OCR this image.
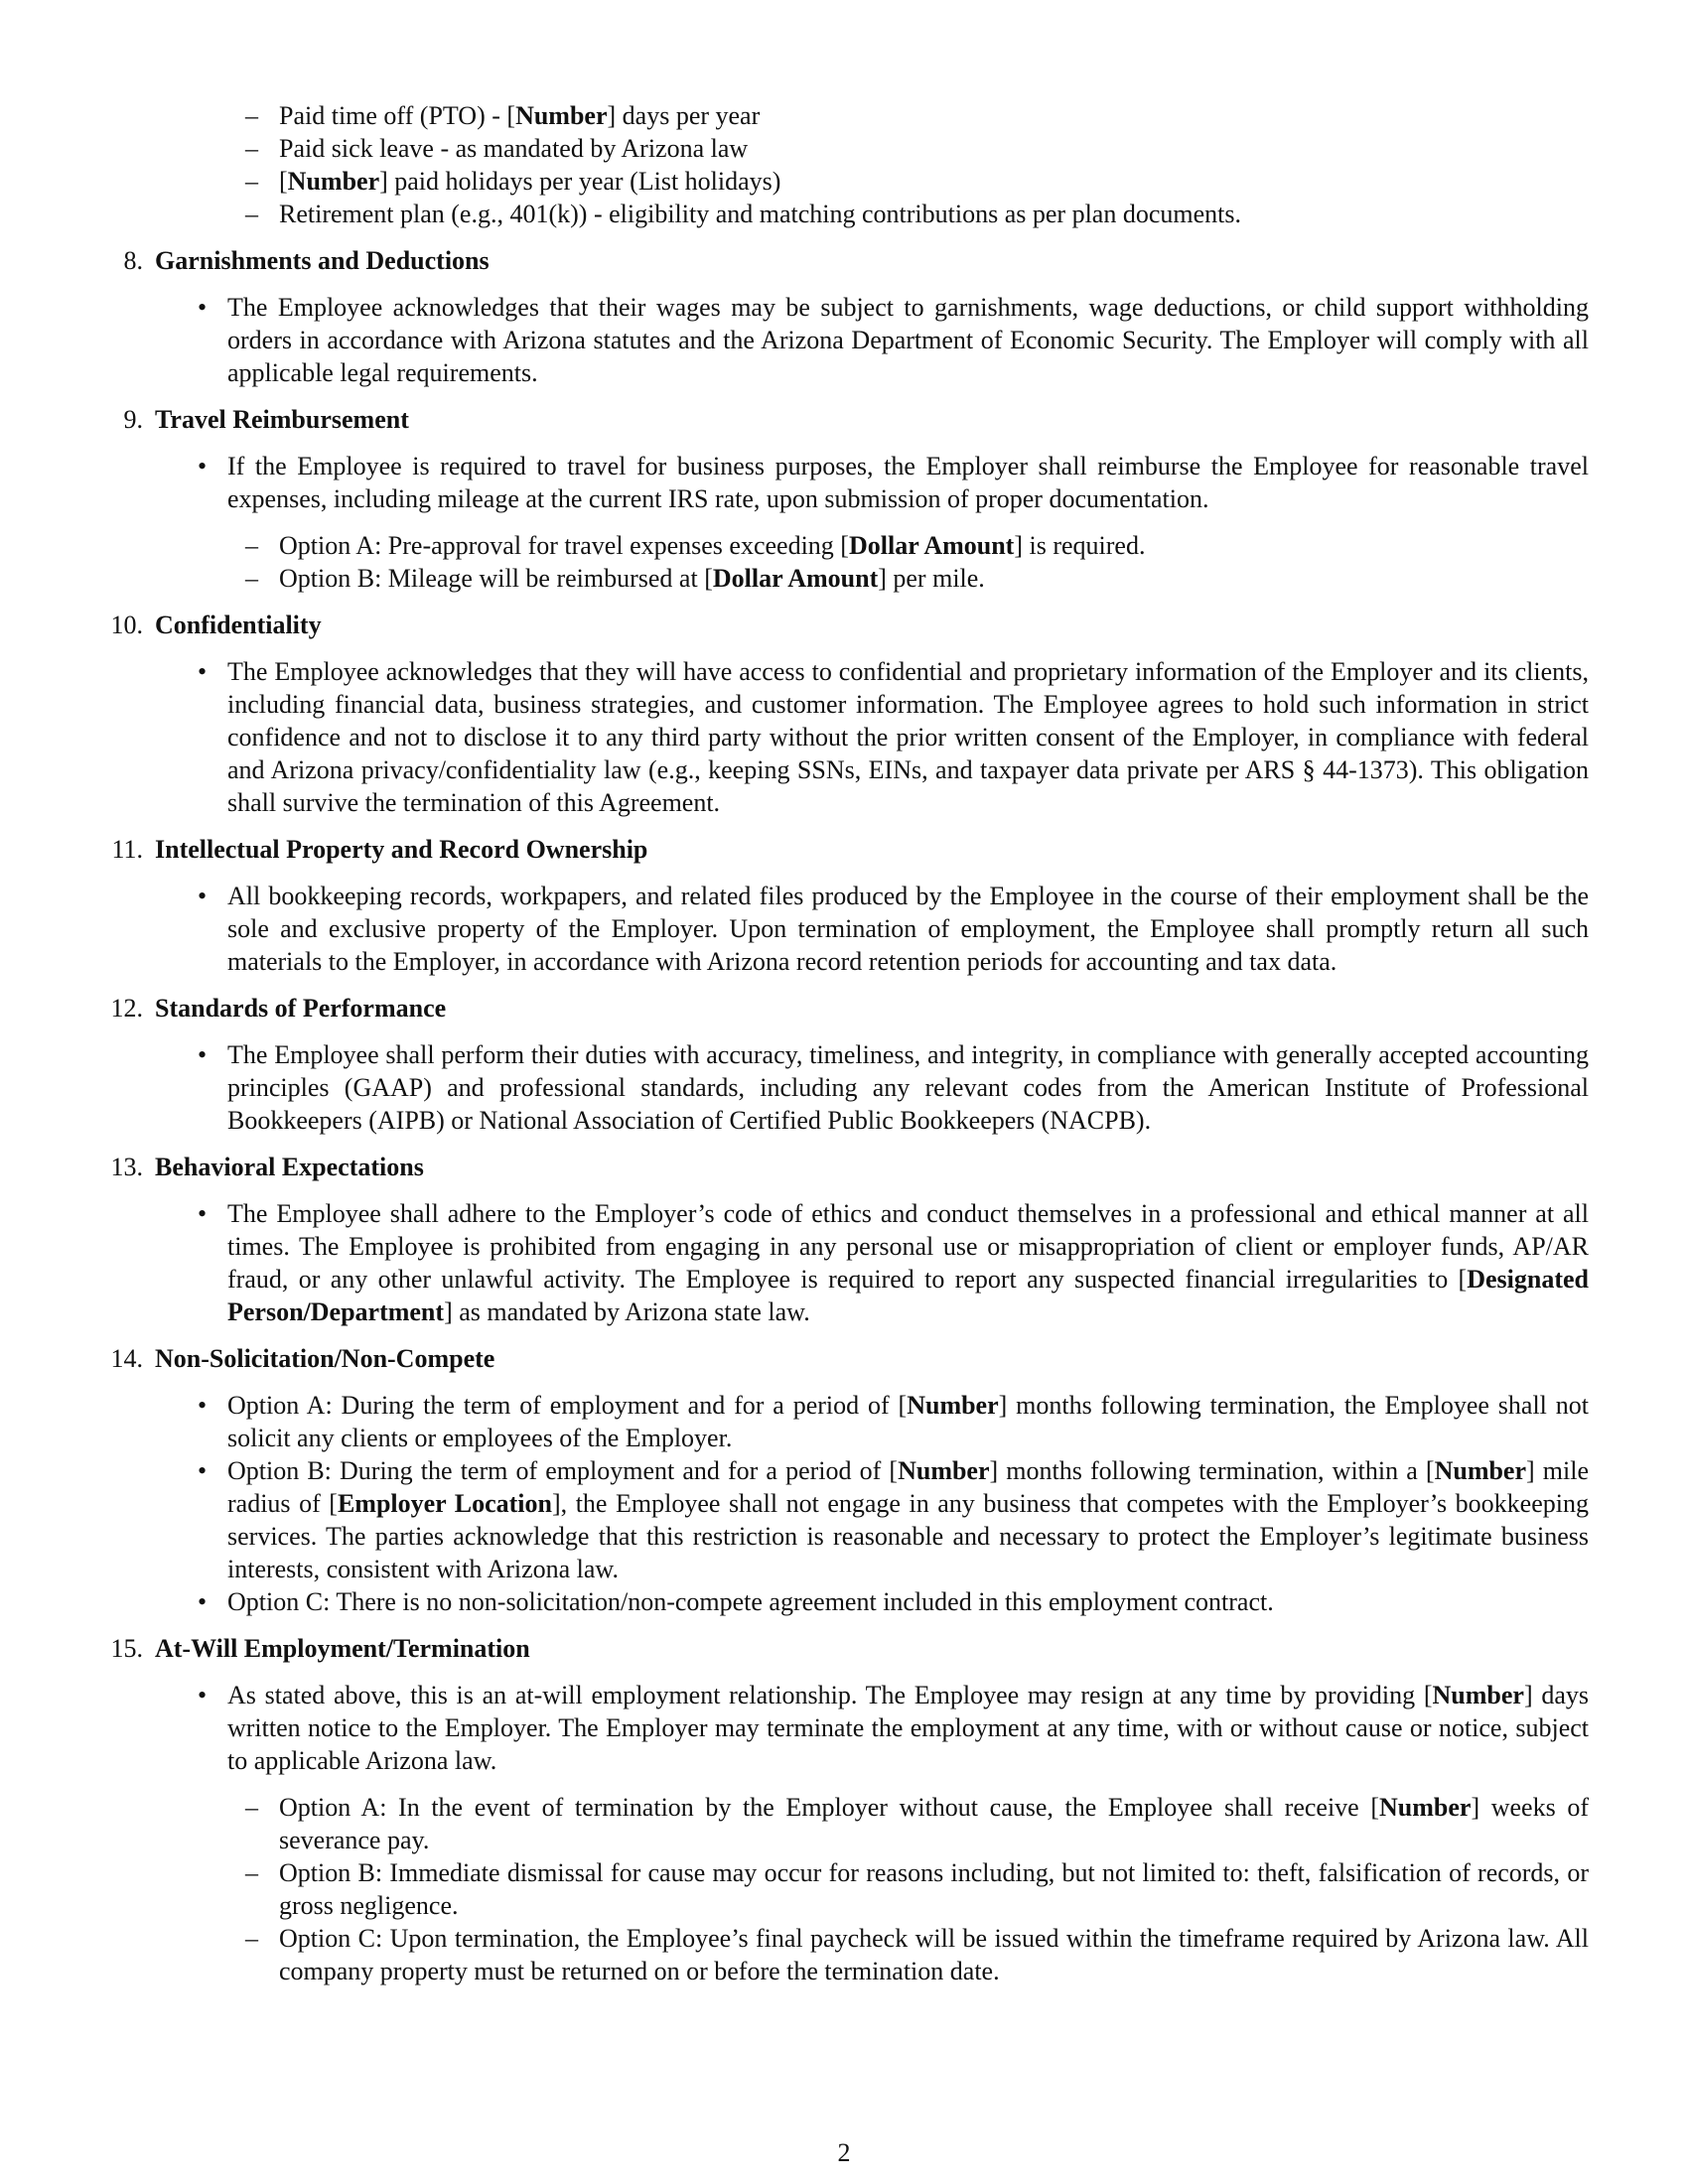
– Paid time off (PTO) - [Number] days per year
– Paid sick leave - as mandated by Arizona law
– [Number] paid holidays per year (List holidays)
– Retirement plan (e.g., 401(k)) - eligibility and matching contributions as per plan documents.
8. Garnishments and Deductions
• The Employee acknowledges that their wages may be subject to garnishments, wage deductions, or child support withholding orders in accordance with Arizona statutes and the Arizona Department of Economic Security. The Employer will comply with all applicable legal requirements.
9. Travel Reimbursement
• If the Employee is required to travel for business purposes, the Employer shall reimburse the Employee for reasonable travel expenses, including mileage at the current IRS rate, upon submission of proper documentation.
– Option A: Pre-approval for travel expenses exceeding [Dollar Amount] is required.
– Option B: Mileage will be reimbursed at [Dollar Amount] per mile.
10. Confidentiality
• The Employee acknowledges that they will have access to confidential and proprietary information of the Employer and its clients, including financial data, business strategies, and customer information. The Employee agrees to hold such information in strict confidence and not to disclose it to any third party without the prior written consent of the Employer, in compliance with federal and Arizona privacy/confidentiality law (e.g., keeping SSNs, EINs, and taxpayer data private per ARS § 44-1373). This obligation shall survive the termination of this Agreement.
11. Intellectual Property and Record Ownership
• All bookkeeping records, workpapers, and related files produced by the Employee in the course of their employment shall be the sole and exclusive property of the Employer. Upon termination of employment, the Employee shall promptly return all such materials to the Employer, in accordance with Arizona record retention periods for accounting and tax data.
12. Standards of Performance
• The Employee shall perform their duties with accuracy, timeliness, and integrity, in compliance with generally accepted accounting principles (GAAP) and professional standards, including any relevant codes from the American Institute of Professional Bookkeepers (AIPB) or National Association of Certified Public Bookkeepers (NACPB).
13. Behavioral Expectations
• The Employee shall adhere to the Employer’s code of ethics and conduct themselves in a professional and ethical manner at all times. The Employee is prohibited from engaging in any personal use or misappropriation of client or employer funds, AP/AR fraud, or any other unlawful activity. The Employee is required to report any suspected financial irregularities to [Designated Person/Department] as mandated by Arizona state law.
14. Non-Solicitation/Non-Compete
• Option A: During the term of employment and for a period of [Number] months following termination, the Employee shall not solicit any clients or employees of the Employer.
• Option B: During the term of employment and for a period of [Number] months following termination, within a [Number] mile radius of [Employer Location], the Employee shall not engage in any business that competes with the Employer’s bookkeeping services. The parties acknowledge that this restriction is reasonable and necessary to protect the Employer’s legitimate business interests, consistent with Arizona law.
• Option C: There is no non-solicitation/non-compete agreement included in this employment contract.
15. At-Will Employment/Termination
• As stated above, this is an at-will employment relationship. The Employee may resign at any time by providing [Number] days written notice to the Employer. The Employer may terminate the employment at any time, with or without cause or notice, subject to applicable Arizona law.
– Option A: In the event of termination by the Employer without cause, the Employee shall receive [Number] weeks of severance pay.
– Option B: Immediate dismissal for cause may occur for reasons including, but not limited to: theft, falsification of records, or gross negligence.
– Option C: Upon termination, the Employee’s final paycheck will be issued within the timeframe required by Arizona law. All company property must be returned on or before the termination date.
2
